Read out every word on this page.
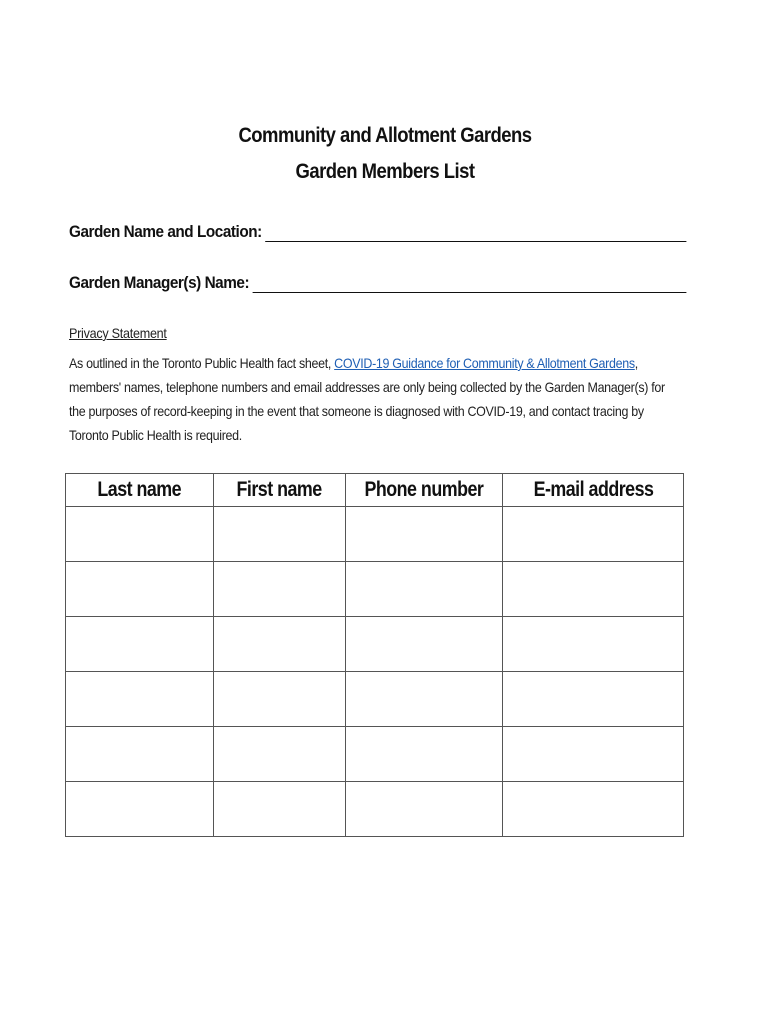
Community and Allotment Gardens
Garden Members List
Garden Name and Location:
Garden Manager(s) Name:
Privacy Statement
As outlined in the Toronto Public Health fact sheet, COVID-19 Guidance for Community & Allotment Gardens, members' names, telephone numbers and email addresses are only being collected by the Garden Manager(s) for the purposes of record-keeping in the event that someone is diagnosed with COVID-19, and contact tracing by Toronto Public Health is required.
Last name	First name	Phone number	E-mail address
